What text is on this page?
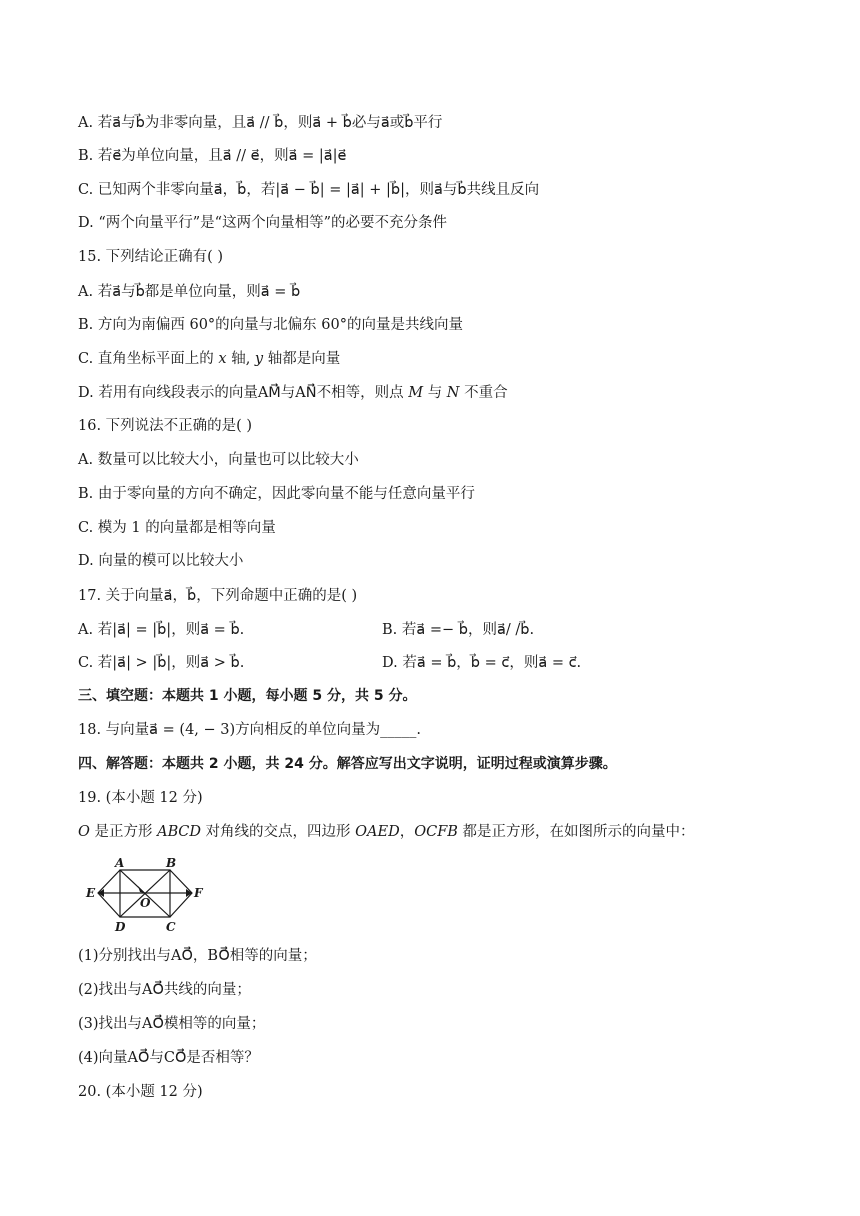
A. 若a⃗与b⃗为非零向量，且a⃗ // b⃗，则a⃗ + b⃗必与a⃗或b⃗平行
B. 若e⃗为单位向量，且a⃗ // e⃗，则a⃗ = |a⃗|e⃗
C. 已知两个非零向量a⃗，b⃗，若|a⃗ − b⃗| = |a⃗| + |b⃗|，则a⃗与b⃗共线且反向
D. “两个向量平行”是“这两个向量相等”的必要不充分条件
15. 下列结论正确有( )
A. 若a⃗与b⃗都是单位向量，则a⃗ = b⃗
B. 方向为南偏西 60°的向量与北偏东 60°的向量是共线向量
C. 直角坐标平面上的 𝑥 轴, 𝑦 轴都是向量
D. 若用有向线段表示的向量AM⃗⃗⃗⃗与AN⃗⃗⃗⃗不相等，则点 𝑀 与 𝑁 不重合
16. 下列说法不正确的是( )
A. 数量可以比较大小，向量也可以比较大小
B. 由于零向量的方向不确定，因此零向量不能与任意向量平行
C. 模为 1 的向量都是相等向量
D. 向量的模可以比较大小
17. 关于向量a⃗，b⃗，下列命题中正确的是( )
A. 若|a⃗| = |b⃗|，则a⃗ = b⃗.	B. 若a⃗ =− b⃗，则a⃗/ /b⃗.
C. 若|a⃗| > |b⃗|，则a⃗ > b⃗.	D. 若a⃗ = b⃗，b⃗ = c⃗，则a⃗ = c⃗.
三、填空题：本题共 1 小题，每小题 5 分，共 5 分。
18. 与向量a⃗ = (4, − 3)方向相反的单位向量为_____.
四、解答题：本题共 2 小题，共 24 分。解答应写出文字说明，证明过程或演算步骤。
19. (本小题 12 分)
𝑂 是正方形 𝐴𝐵𝐶𝐷 对角线的交点，四边形 𝑂𝐴𝐸𝐷，𝑂𝐶𝐹𝐵 都是正方形，在如图所示的向量中：
A	B
C
D
E	F
O
(1)分别找出与AO⃗⃗⃗⃗，BO⃗⃗⃗⃗相等的向量；
(2)找出与AO⃗⃗⃗⃗共线的向量；
(3)找出与AO⃗⃗⃗⃗模相等的向量；
(4)向量AO⃗⃗⃗⃗与CO⃗⃗⃗⃗是否相等？
20. (本小题 12 分)
